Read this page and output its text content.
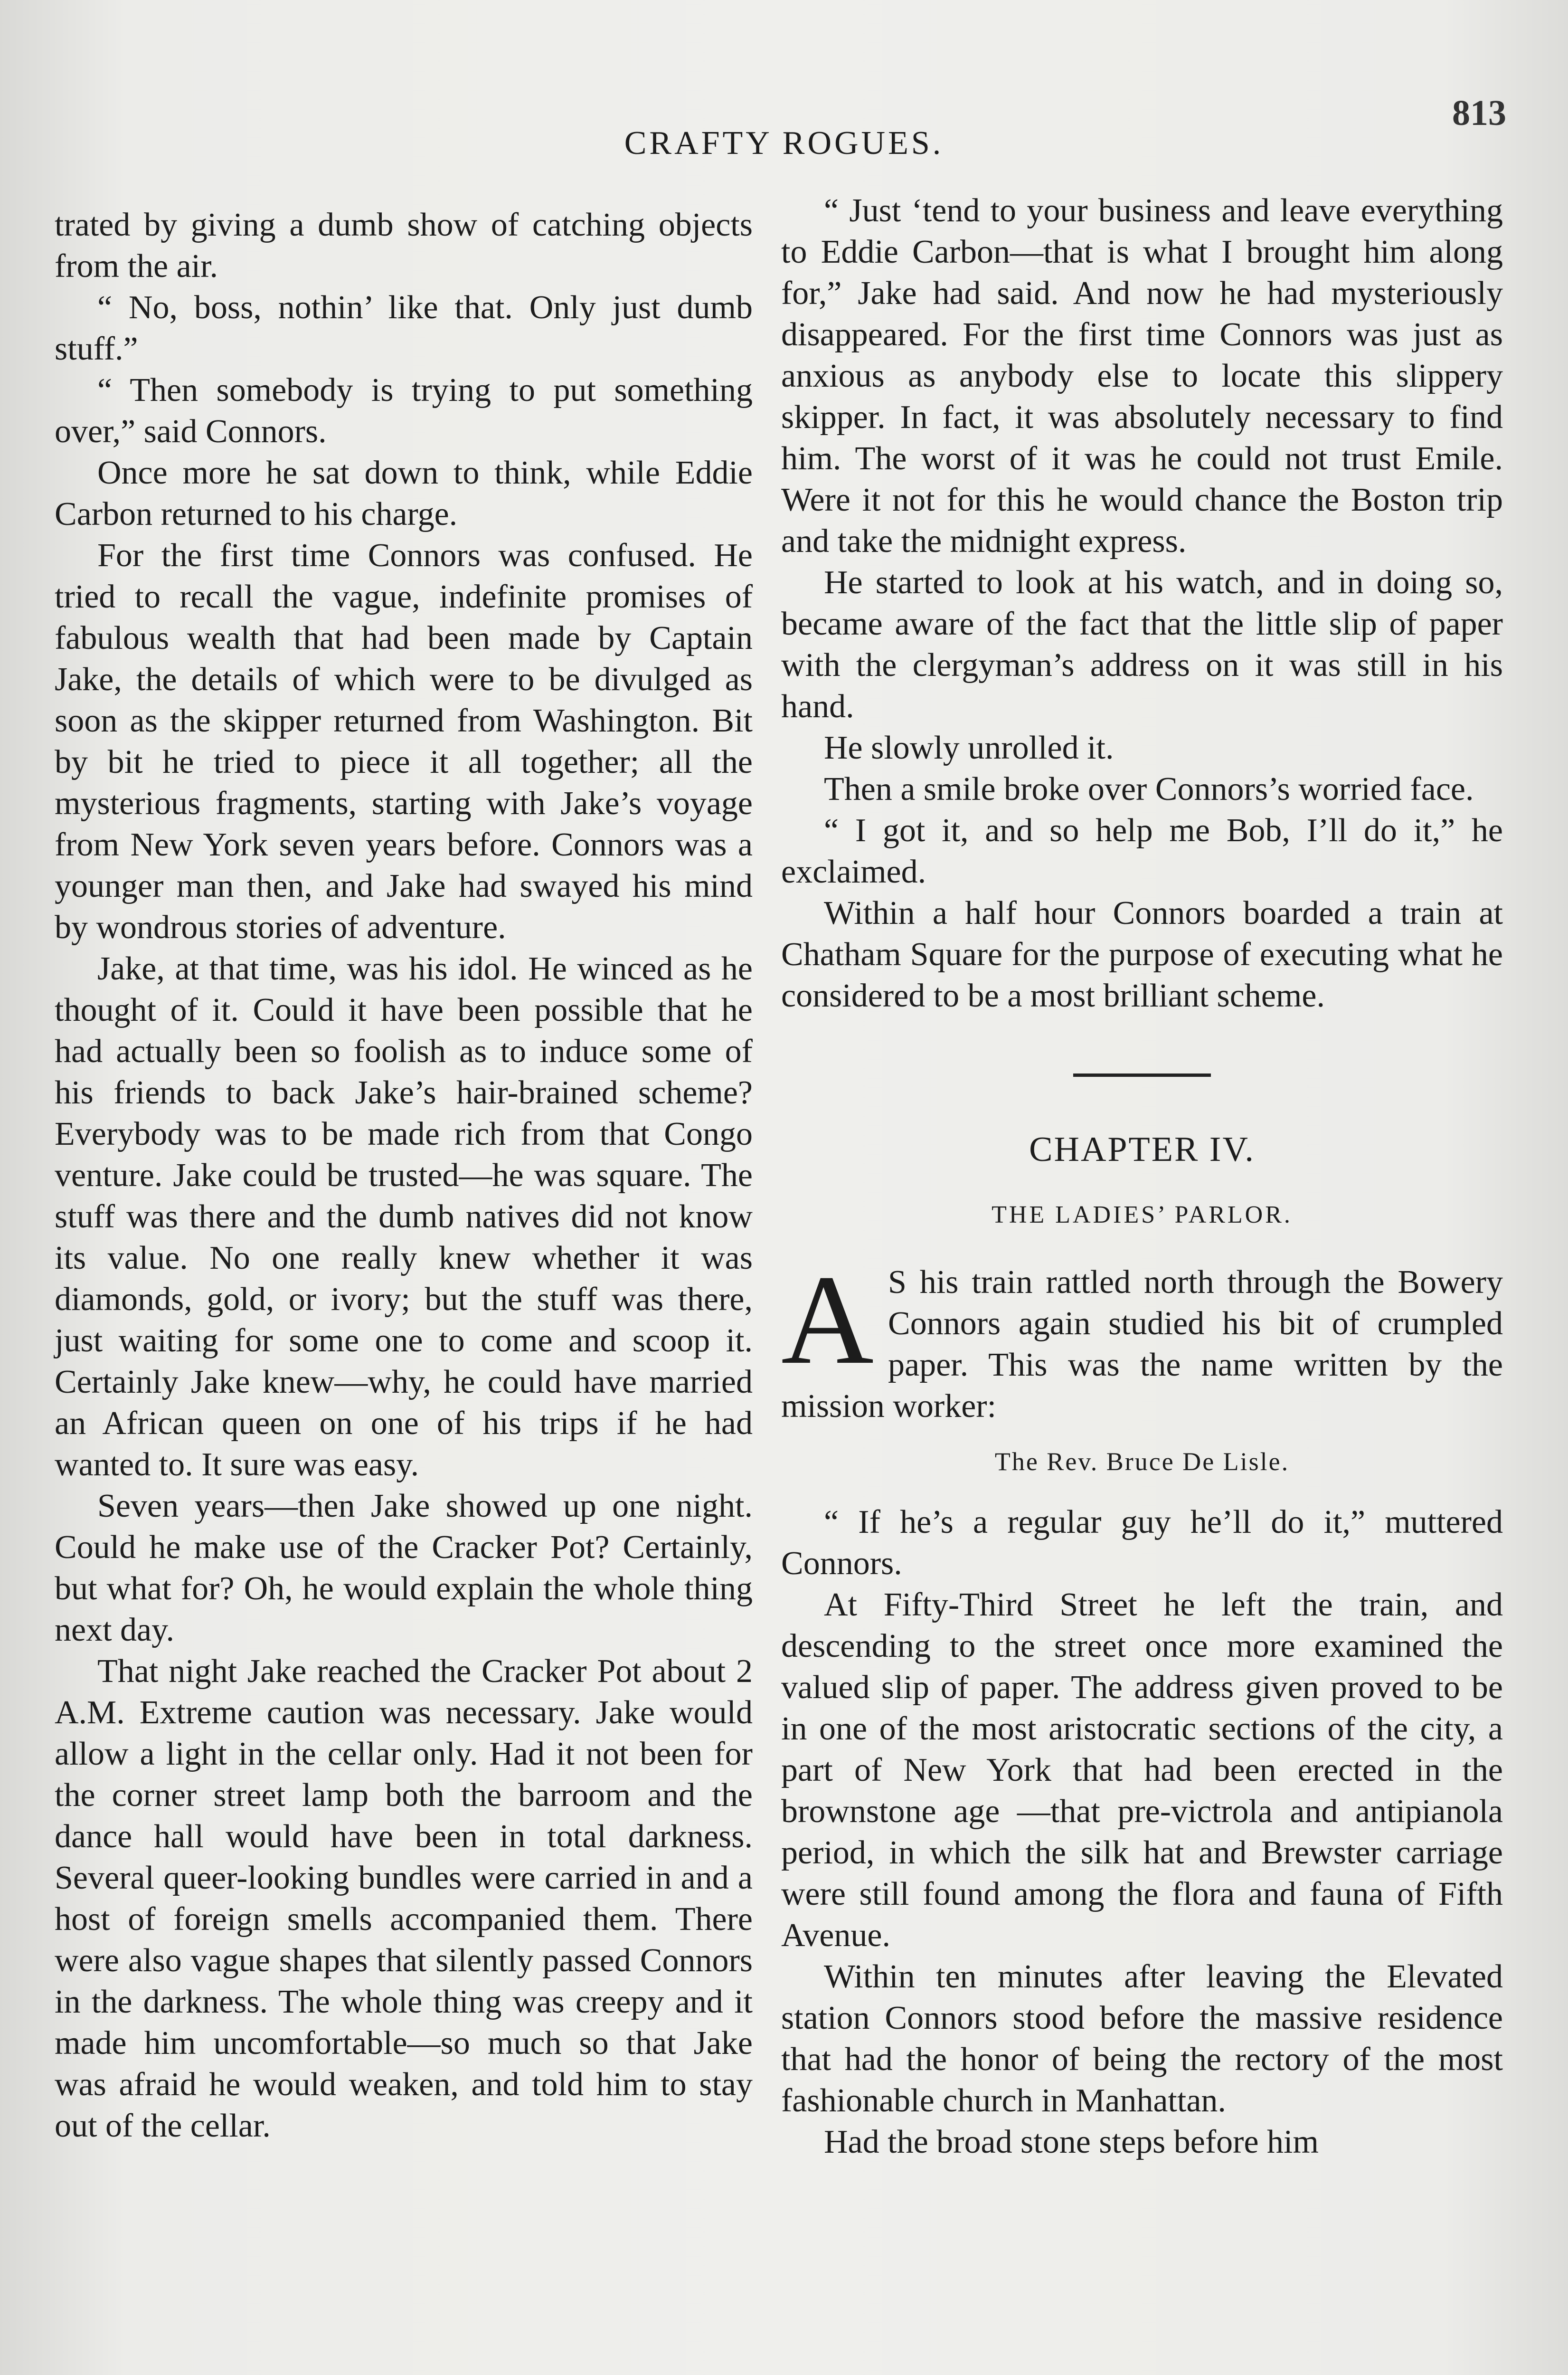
813
CRAFTY ROGUES.

trated by giving a dumb show of catching objects from the air.

“ No, boss, nothin’ like that. Only just dumb stuff.”

“ Then somebody is trying to put something over,” said Connors.

Once more he sat down to think, while Eddie Carbon returned to his charge.

For the first time Connors was confused. He tried to recall the vague, indefinite promises of fabulous wealth that had been made by Captain Jake, the details of which were to be divulged as soon as the skipper returned from Washington. Bit by bit he tried to piece it all together; all the mysterious fragments, starting with Jake’s voyage from New York seven years before. Connors was a younger man then, and Jake had swayed his mind by wondrous stories of adventure.

Jake, at that time, was his idol. He winced as he thought of it. Could it have been possible that he had actually been so foolish as to induce some of his friends to back Jake’s hair-brained scheme? Everybody was to be made rich from that Congo venture. Jake could be trusted—he was square. The stuff was there and the dumb natives did not know its value. No one really knew whether it was diamonds, gold, or ivory; but the stuff was there, just waiting for some one to come and scoop it. Certainly Jake knew—why, he could have married an African queen on one of his trips if he had wanted to. It sure was easy.

Seven years—then Jake showed up one night. Could he make use of the Cracker Pot? Certainly, but what for? Oh, he would explain the whole thing next day.

That night Jake reached the Cracker Pot about 2 A.M. Extreme caution was necessary. Jake would allow a light in the cellar only. Had it not been for the corner street lamp both the barroom and the dance hall would have been in total darkness. Several queer-looking bundles were carried in and a host of foreign smells accompanied them. There were also vague shapes that silently passed Connors in the darkness. The whole thing was creepy and it made him uncomfortable—so much so that Jake was afraid he would weaken, and told him to stay out of the cellar.

“ Just ‘tend to your business and leave everything to Eddie Carbon—that is what I brought him along for,” Jake had said. And now he had mysteriously disappeared. For the first time Connors was just as anxious as anybody else to locate this slippery skipper. In fact, it was absolutely necessary to find him. The worst of it was he could not trust Emile. Were it not for this he would chance the Boston trip and take the midnight express.

He started to look at his watch, and in doing so, became aware of the fact that the little slip of paper with the clergyman’s address on it was still in his hand.

He slowly unrolled it.

Then a smile broke over Connors’s worried face.

“ I got it, and so help me Bob, I’ll do it,” he exclaimed.

Within a half hour Connors boarded a train at Chatham Square for the purpose of executing what he considered to be a most brilliant scheme.

CHAPTER IV.
THE LADIES’ PARLOR.

A S his train rattled north through the Bowery Connors again studied his bit of crumpled paper. This was the name written by the mission worker:

The Rev. Bruce De Lisle.

“ If he’s a regular guy he’ll do it,” muttered Connors.

At Fifty-Third Street he left the train, and descending to the street once more examined the valued slip of paper. The address given proved to be in one of the most aristocratic sections of the city, a part of New York that had been erected in the brownstone age —that pre-victrola and antipianola period, in which the silk hat and Brewster carriage were still found among the flora and fauna of Fifth Avenue.

Within ten minutes after leaving the Elevated station Connors stood before the massive residence that had the honor of being the rectory of the most fashionable church in Manhattan.

Had the broad stone steps before him
